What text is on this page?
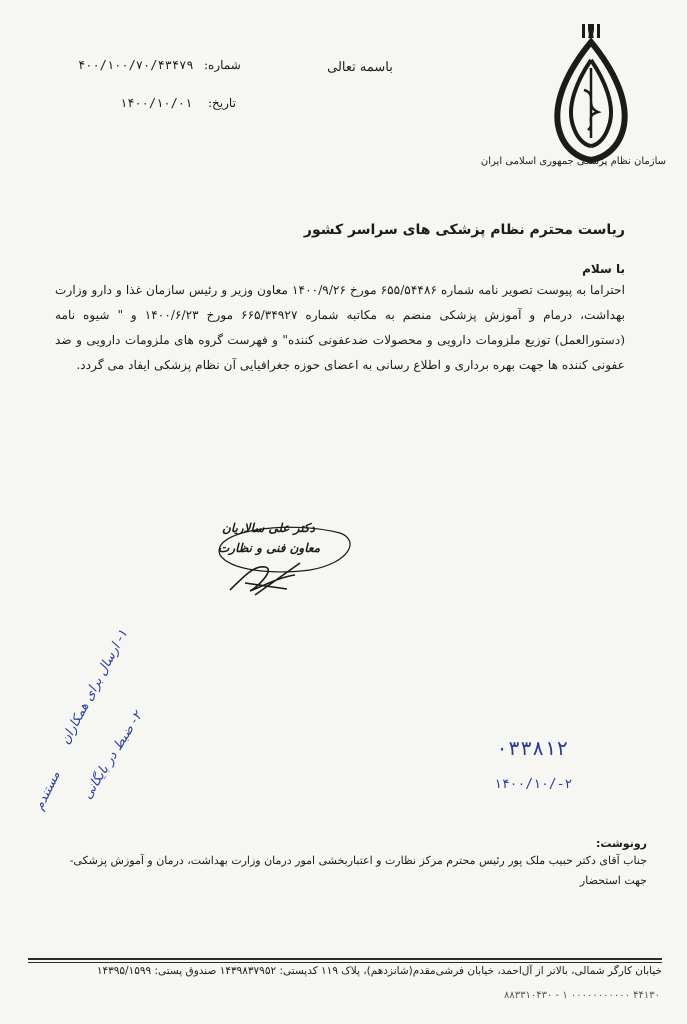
سازمان نظام پزشکی جمهوری اسلامی ایران
باسمه تعالی
شماره:
۴۰۰/۱۰۰/۷۰/۴۳۴۷۹
تاریخ:
۱۴۰۰/۱۰/۰۱
ریاست محترم نظام پزشکی های سراسر کشور
با سلام
احتراما به پیوست تصویر نامه شماره ۶۵۵/۵۴۴۸۶ مورخ ۱۴۰۰/۹/۲۶ معاون وزیر و رئیس سازمان غذا و دارو وزارت بهداشت، درمام و آموزش پزشکی منضم به مکاتبه شماره ۶۶۵/۳۴۹۲۷ مورخ ۱۴۰۰/۶/۲۳ و " شیوه نامه (دستورالعمل) توزیع ملزومات دارویی و محصولات ضدعفونی کننده" و فهرست گروه های ملزومات دارویی و ضد عفونی کننده ها جهت بهره برداری و اطلاع رسانی به اعضای حوزه جغرافیایی آن نظام پزشکی ایفاد می گردد.
دکتر علی سالاریان
معاون فنی و نظارت
۱- ارسال برای همکاران
۲- ضبط در بایگانی
مستندم
۰۳۳۸۱۲
۱۴۰۰/۱۰/-۲
رونوشت:
جناب آقای دکتر حبیب ملک پور رئیس محترم مرکز نظارت و اعتباربخشی امور درمان وزارت بهداشت، درمان و آموزش پزشکی- جهت استحضار
خیابان کارگر شمالی، بالاتر از آل‌احمد، خیابان فرشی‌مقدم(شانزدهم)، پلاک ۱۱۹ کدپستی: ۱۴۳۹۸۳۷۹۵۲ صندوق پستی: ۱۴۳۹۵/۱۵۹۹
۸۸۳۳۱۰۴۳۰ - ۱ ۰۰۰۰۰۰۰۰۰۰۰ ۴۴۱۳۰
